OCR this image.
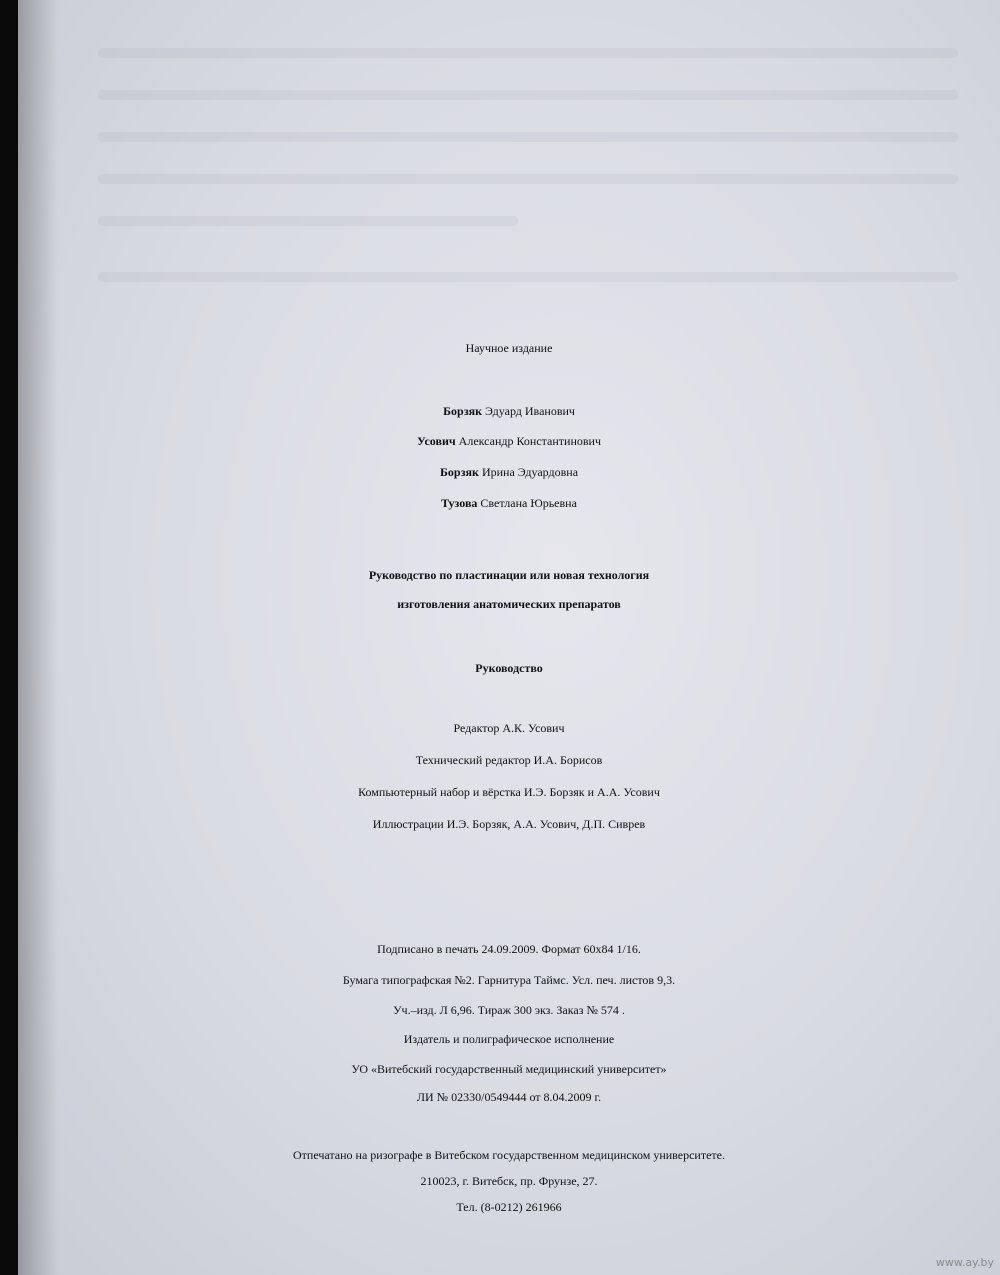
Научное издание
Борзяк Эдуард Иванович
Усович Александр Константинович
Борзяк Ирина Эдуардовна
Тузова Светлана Юрьевна
Руководство по пластинации или новая технология
изготовления анатомических препаратов
Руководство
Редактор А.К. Усович
Технический редактор И.А. Борисов
Компьютерный набор и вёрстка И.Э. Борзяк и А.А. Усович
Иллюстрации И.Э. Борзяк, А.А. Усович, Д.П. Сиврев
Подписано в печать 24.09.2009. Формат 60х84 1/16.
Бумага типографская №2. Гарнитура Таймс. Усл. печ. листов 9,3.
Уч.–изд. Л 6,96. Тираж 300 экз. Заказ № 574 .
Издатель и полиграфическое исполнение
УО «Витебский государственный медицинский университет»
ЛИ № 02330/0549444 от 8.04.2009 г.
Отпечатано на ризографе в Витебском государственном медицинском университете.
210023, г. Витебск, пр. Фрунзе, 27.
Тел. (8-0212) 261966
www.ay.by
